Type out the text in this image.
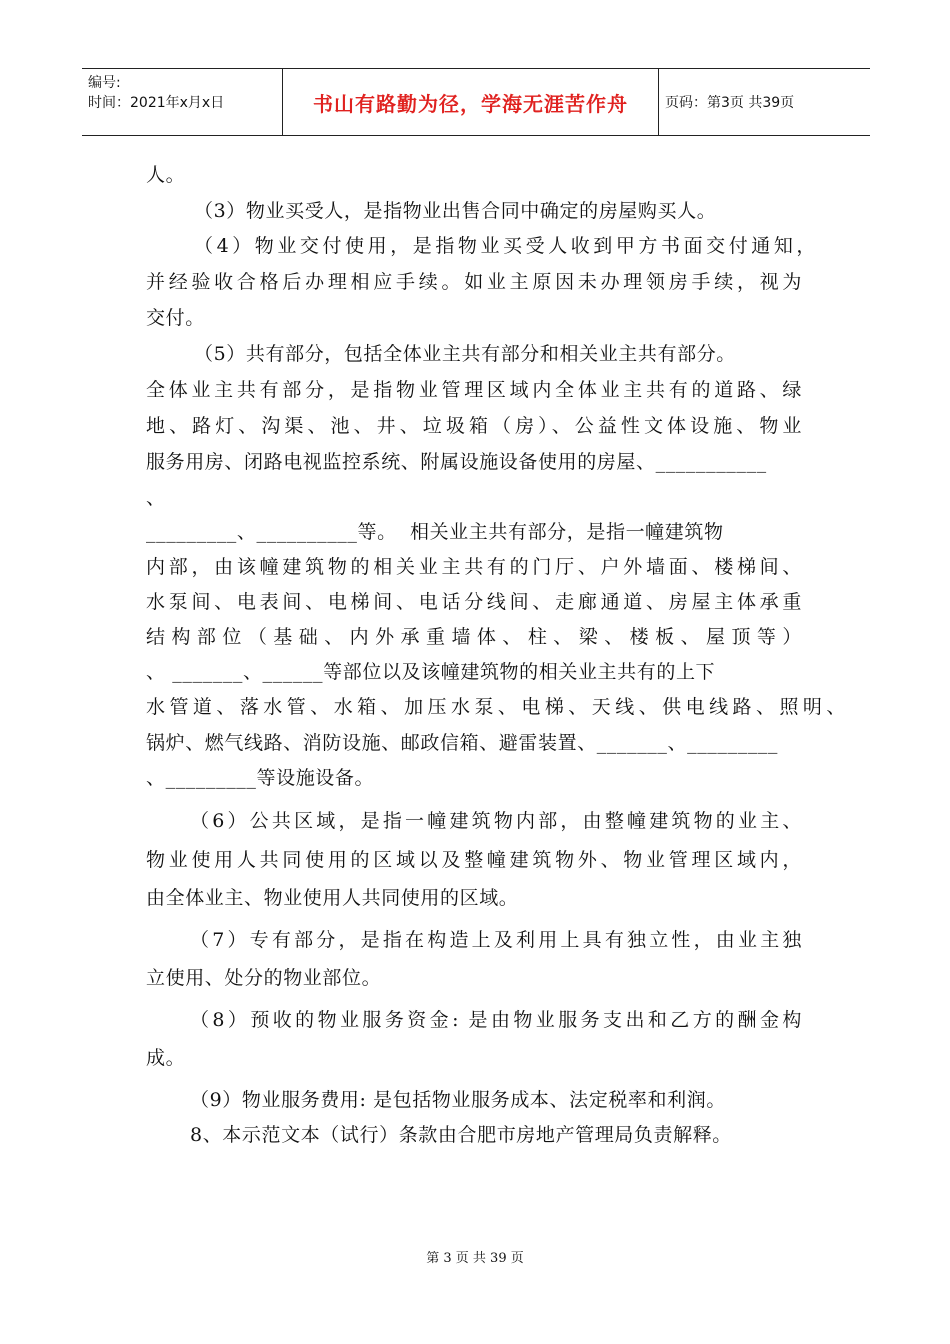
编号:
时间：2021年x月x日	书山有路勤为径，学海无涯苦作舟	页码：第3页 共39页
人。
（3）物业买受人，是指物业出售合同中确定的房屋购买人。
（4）物业交付使用，是指物业买受人收到甲方书面交付通知，
并经验收合格后办理相应手续。如业主原因未办理领房手续，视为
交付。
（5）共有部分，包括全体业主共有部分和相关业主共有部分。
全体业主共有部分，是指物业管理区域内全体业主共有的道路、绿
地、路灯、沟渠、池、井、垃圾箱（房）、公益性文体设施、物业
服务用房、闭路电视监控系统、附属设施设备使用的房屋、___________
、
_________、__________等。  相关业主共有部分，是指一幢建筑物
内部，由该幢建筑物的相关业主共有的门厅、户外墙面、楼梯间、
水泵间、电表间、电梯间、电话分线间、走廊通道、房屋主体承重
结构部位（基础、内外承重墙体、柱、梁、楼板、屋顶等）
、 _______、______等部位以及该幢建筑物的相关业主共有的上下
水管道、落水管、水箱、加压水泵、电梯、天线、供电线路、照明、
锅炉、燃气线路、消防设施、邮政信箱、避雷装置、_______、_________
、_________等设施设备。
（6）公共区域，是指一幢建筑物内部，由整幢建筑物的业主、
物业使用人共同使用的区域以及整幢建筑物外、物业管理区域内，
由全体业主、物业使用人共同使用的区域。
（7）专有部分，是指在构造上及利用上具有独立性，由业主独
立使用、处分的物业部位。
（8）预收的物业服务资金: 是由物业服务支出和乙方的酬金构
成。
（9）物业服务费用: 是包括物业服务成本、法定税率和利润。
8、本示范文本（试行）条款由合肥市房地产管理局负责解释。
第 3 页 共 39 页
